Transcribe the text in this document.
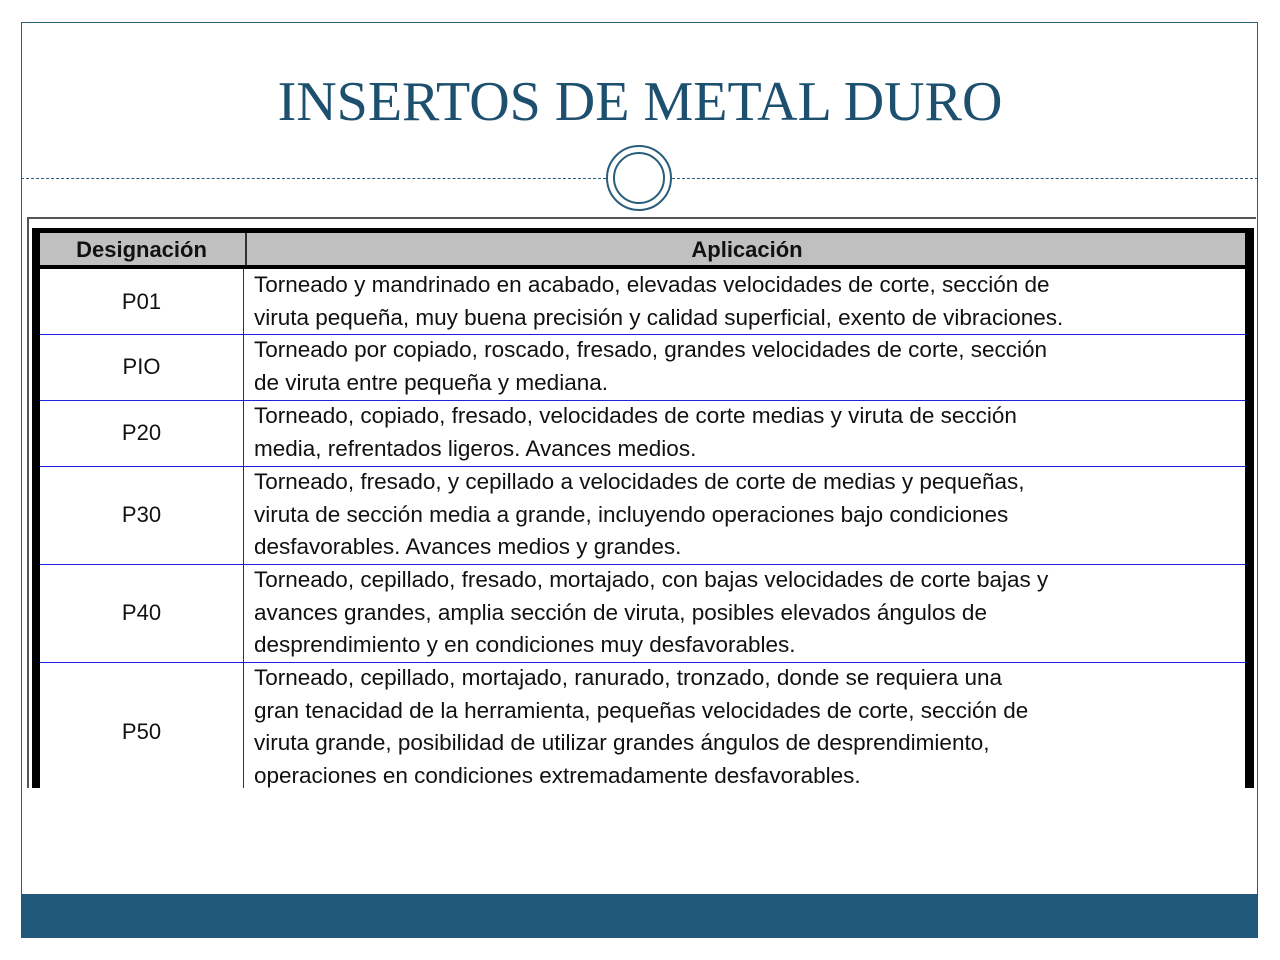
INSERTOS DE METAL DURO
Designación	Aplicación
P01
Torneado y mandrinado en acabado, elevadas velocidades de corte, sección de
viruta pequeña, muy buena precisión y calidad superficial, exento de vibraciones.
PIO
Torneado por copiado, roscado, fresado, grandes velocidades de corte, sección
de viruta entre pequeña y mediana.
P20
Torneado, copiado, fresado, velocidades de corte medias y viruta de sección
media, refrentados ligeros. Avances medios.
P30
Torneado, fresado, y cepillado a velocidades de corte de medias y pequeñas,
viruta de sección media a grande, incluyendo operaciones bajo condiciones
desfavorables. Avances medios y grandes.
P40
Torneado, cepillado, fresado, mortajado, con bajas velocidades de corte bajas y
avances grandes, amplia sección de viruta, posibles elevados ángulos de
desprendimiento y en condiciones muy desfavorables.
P50
Torneado, cepillado, mortajado, ranurado, tronzado, donde se requiera una
gran tenacidad de la herramienta, pequeñas velocidades de corte, sección de
viruta grande, posibilidad de utilizar grandes ángulos de desprendimiento,
operaciones en condiciones extremadamente desfavorables.
